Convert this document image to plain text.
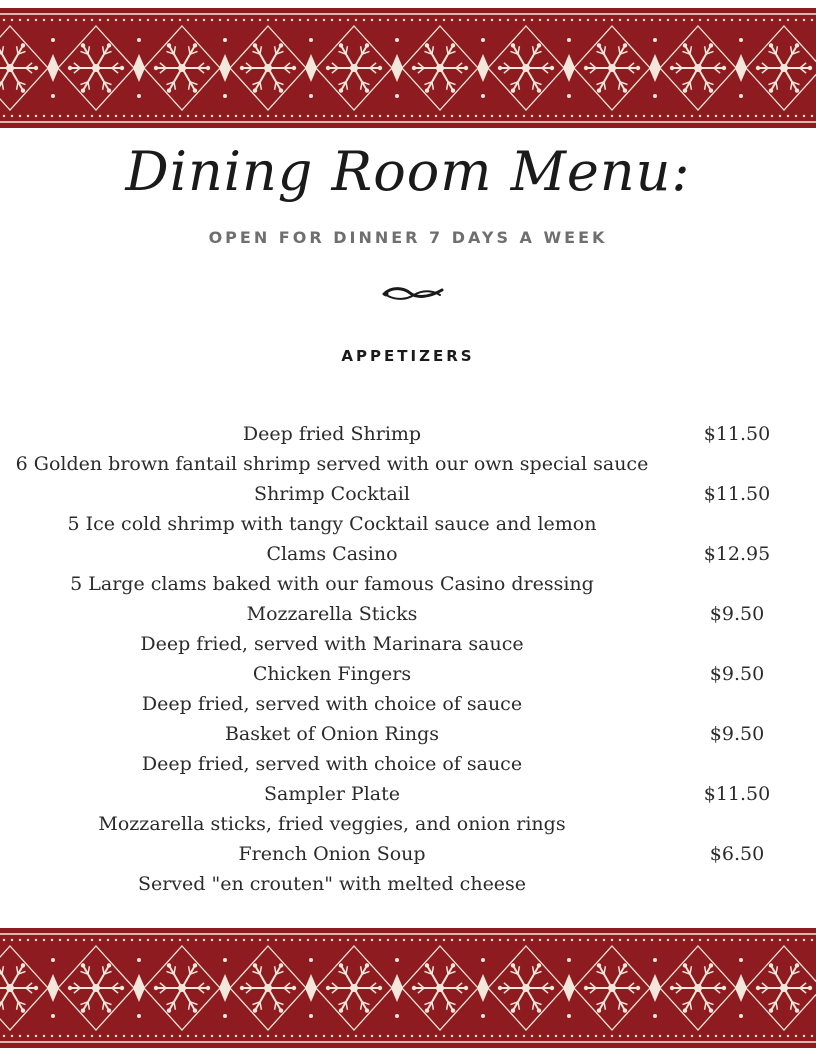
Dining Room Menu:
OPEN FOR DINNER 7 DAYS A WEEK
APPETIZERS
Deep fried Shrimp	$11.50
6 Golden brown fantail shrimp served with our own special sauce
Shrimp Cocktail	$11.50
5 Ice cold shrimp with tangy Cocktail sauce and lemon
Clams Casino	$12.95
5 Large clams baked with our famous Casino dressing
Mozzarella Sticks	$9.50
Deep fried, served with Marinara sauce
Chicken Fingers	$9.50
Deep fried, served with choice of sauce
Basket of Onion Rings	$9.50
Deep fried, served with choice of sauce
Sampler Plate	$11.50
Mozzarella sticks, fried veggies, and onion rings
French Onion Soup	$6.50
Served "en crouten" with melted cheese
